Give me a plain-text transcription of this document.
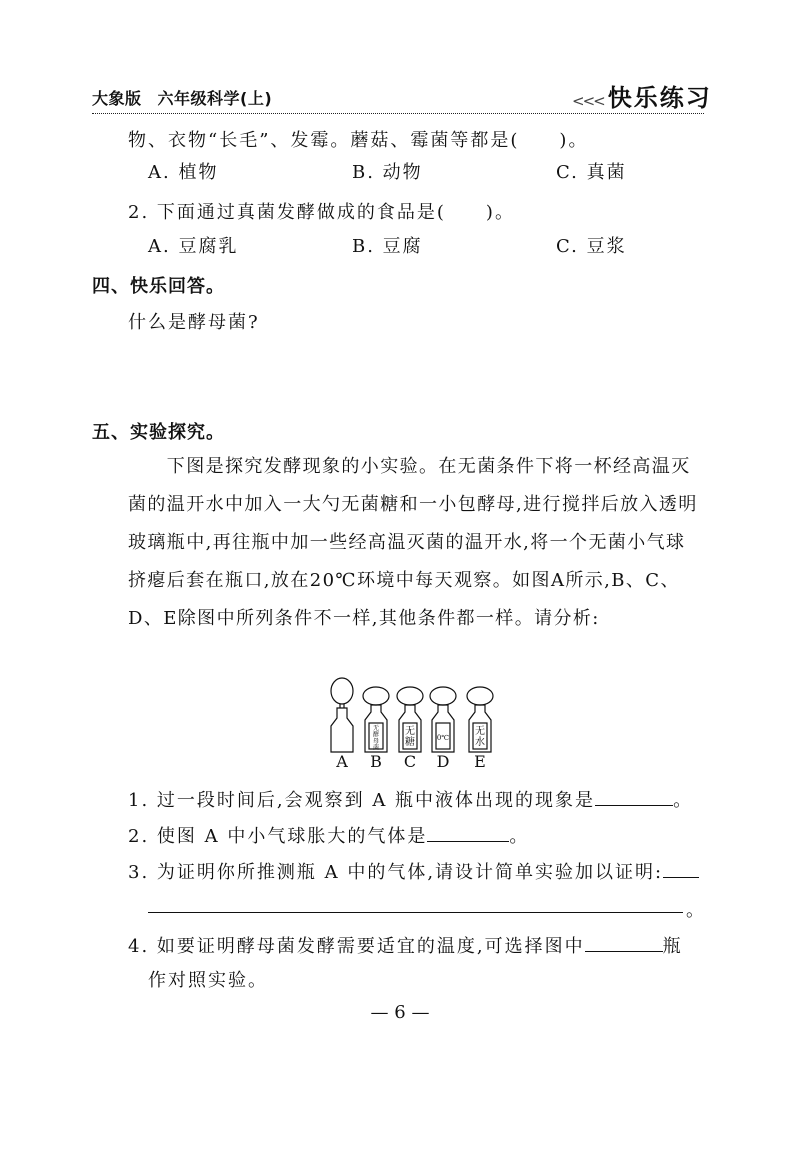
大象版 六年级科学(上)	<<< 快乐练习
物、衣物“长毛”、发霉。蘑菇、霉菌等都是(　　)。
A. 植物	B. 动物	C. 真菌
2. 下面通过真菌发酵做成的食品是(　　)。
A. 豆腐乳	B. 豆腐	C. 豆浆
四、快乐回答。
什么是酵母菌?
五、实验探究。
　　下图是探究发酵现象的小实验。在无菌条件下将一杯经高温灭菌的温开水中加入一大勺无菌糖和一小包酵母,进行搅拌后放入透明玻璃瓶中,再往瓶中加一些经高温灭菌的温开水,将一个无菌小气球挤瘪后套在瓶口,放在20℃环境中每天观察。如图A所示,B、C、D、E除图中所列条件不一样,其他条件都一样。请分析:
无酵母菌
无糖	0℃
无水
A B C D E
1. 过一段时间后,会观察到 A 瓶中液体出现的现象是	。
2. 使图 A 中小气球胀大的气体是	。
3. 为证明你所推测瓶 A 中的气体,请设计简单实验加以证明:
。
4. 如要证明酵母菌发酵需要适宜的温度,可选择图中	瓶
作对照实验。
— 6 —
